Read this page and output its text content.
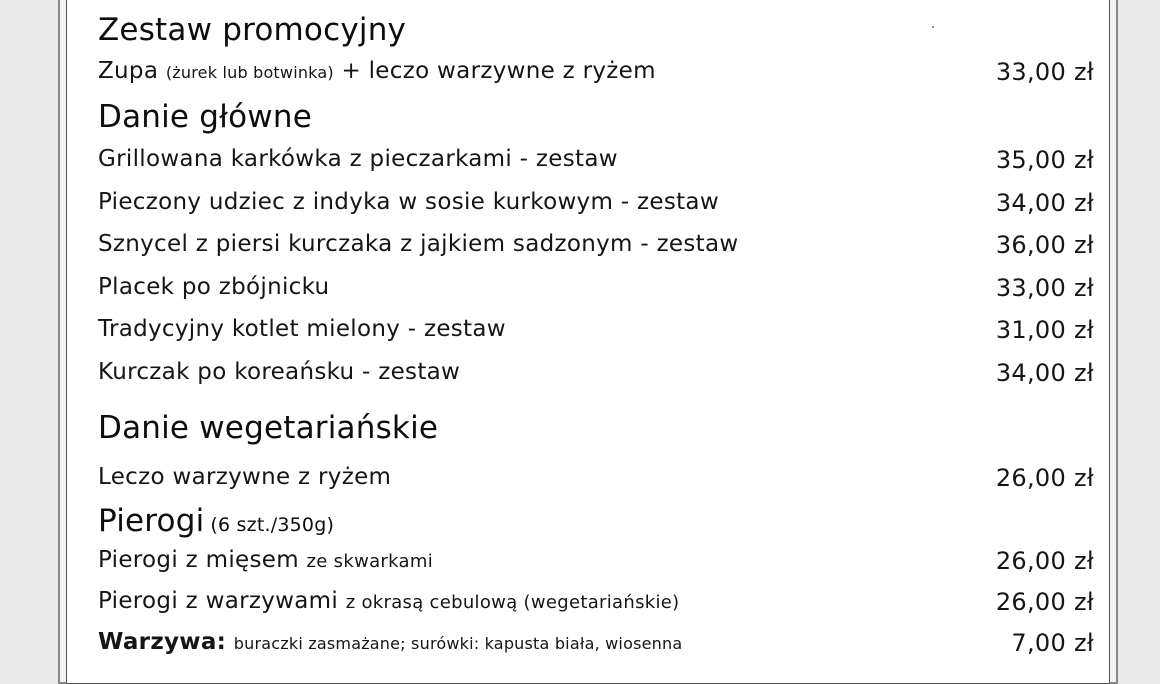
Zestaw promocyjny
Zupa (żurek lub botwinka) + leczo warzywne z ryżem	33,00 zł
Danie główne
Grillowana karkówka z pieczarkami - zestaw	35,00 zł
Pieczony udziec z indyka w sosie kurkowym - zestaw	34,00 zł
Sznycel z piersi kurczaka z jajkiem sadzonym - zestaw	36,00 zł
Placek po zbójnicku	33,00 zł
Tradycyjny kotlet mielony - zestaw	31,00 zł
Kurczak po koreańsku - zestaw	34,00 zł
Danie wegetariańskie
Leczo warzywne z ryżem	26,00 zł
Pierogi (6 szt./350g)
Pierogi z mięsem ze skwarkami	26,00 zł
Pierogi z warzywami z okrasą cebulową (wegetariańskie)	26,00 zł
Warzywa: buraczki zasmażane; surówki: kapusta biała, wiosenna	7,00 zł
